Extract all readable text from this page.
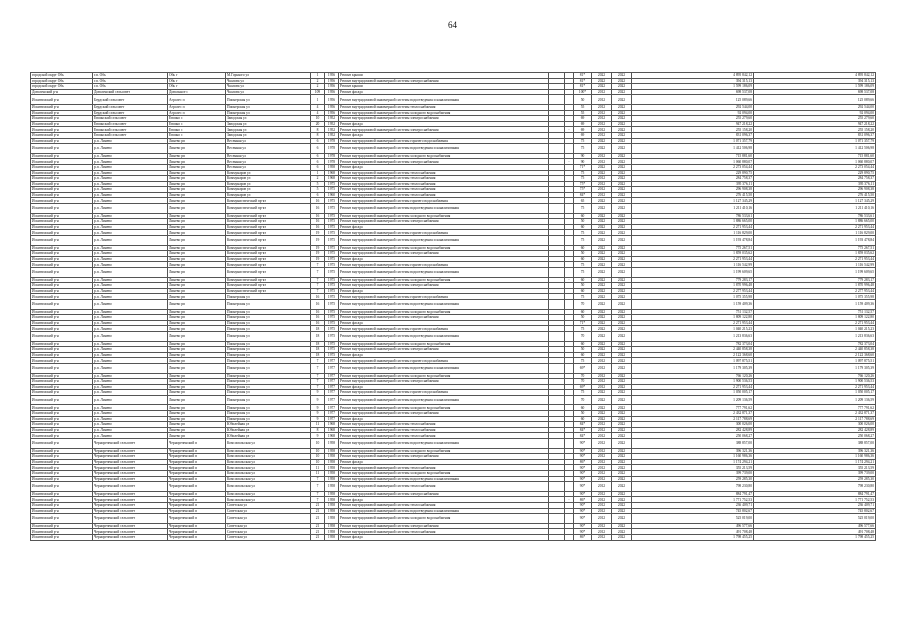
64
городской округ Обь	г.п. Обь	Обь г	М.Горького ул	1	1956	Ремонт крыши			81*	2022	2022	4 895 842,12	4 895 842,12
городской округ Обь	г.п. Обь	Обь г	Чкалова ул	2	1956	Ремонт внутридомовой инженерной системы электроснабжения			81*	2022	2022	394 315,13	394 315,13
городской округ Обь	г.п. Обь	Обь г	Чкалова ул	2	1956	Ремонт крыши			81*	2022	2022	1 599 186,09	1 599 186,09
Доволенский р-н	Доволенский сельсовет	Довольное с	Чкалова ул	109	1956	Ремонт фасада			100*	2012	2022	698 537,08	698 537,08
Искитимский р-н	Бердский сельсовет	Агролес п	Пионерская ул	1	1956	Ремонт внутридомовой инженерной системы водоотведения и канализования			50	2012	2022	125 089,66	125 089,66
Искитимский р-н	Бердский сельсовет	Агролес п	Пионерская ул	4	1956	Ремонт внутридомовой инженерной системы теплоснабжения			55	2012	2022	292 544,00	292 544,00
Искитимский р-н	Бердский сельсовет	Агролес п	Пионерская ул	4	1956	Ремонт внутридомовой инженерной системы холодного водоснабжения			55	2012	2022	92 094,00	92 094,00
Искитимский р-н	Евсинский сельсовет	Евсино с	Заводская ул	10	1952	Ремонт внутридомовой инженерной системы электроснабжения			69	2012	2022	255 279,60	255 279,60
Искитимский р-н	Евсинский сельсовет	Евсино с	Заводская ул	20	1952	Ремонт фасада			69	2012	2022	947 218,22	947 218,22
Искитимский р-н	Евсинский сельсовет	Евсино с	Заводская ул	8	1952	Ремонт внутридомовой инженерной системы электроснабжения		-	69	2012	2022	255 158,20	255 158,20
Искитимский р-н	Евсинский сельсовет	Евсино с	Заводская ул	8	1952	Ремонт фасада			69	2012	2022	831 096,37	831 096,37
Искитимский р-н	р.п. Линево	Линево рп	Весенняя ул	6	1978	Ремонт внутридомовой инженерной системы горячего водоснабжения			75	2022	2022	1 071 357,79	1 071 357,79
Искитимский р-н	р.п. Линево	Линево рп	Весенняя ул	6	1978	Ремонт внутридомовой инженерной системы водоотведения и канализования			75	2022	2022	1 412 506,98	1 412 506,98
Искитимский р-н	р.п. Линево	Линево рп	Весенняя ул	6	1978	Ремонт внутридомовой инженерной системы холодного водоснабжения			90	2012	2022	715 881,60	715 881,60
Искитимский р-н	р.п. Линево	Линево рп	Весенняя ул	6	1978	Ремонт внутридомовой инженерной системы электроснабжения		-	90	2012	2022	1 060 880,07	1 060 880,07
Искитимский р-н	р.п. Линево	Линево рп	Весенняя ул	6	1958	Ремонт фасада			71*	2022	2022	2 273 054,44	2 273 054,44
Искитимский р-н	р.п. Линево	Линево рп	Коммунаров ул	1	1968	Ремонт внутридомовой инженерной системы теплоснабжения			75	2022	2022	229 890,75	229 890,75
Искитимский р-н	р.п. Линево	Линево рп	Коммунаров ул	2	1968	Ремонт внутридомовой инженерной системы теплоснабжения			75	2012	2022	284 758,37	284 758,37
Искитимский р-н	р.п. Линево	Линево рп	Коммунаров ул	5	1975	Ремонт внутридомовой инженерной системы теплоснабжения			75*	2012	2022	395 376,11	395 376,11
Искитимский р-н	р.п. Линево	Линево рп	Коммунаров ул	5	1975	Ремонт внутридомовой инженерной системы теплоснабжения			75*	2012	2022	296 908,38	296 908,38
Искитимский р-н	р.п. Линево	Линево рп	Коммунаров ул	6	1960	Ремонт внутридомовой инженерной системы теплоснабжения			84*	2012	2022	276 415,50	276 415,50
Искитимский р-н	р.п. Линево	Линево рп	Коммунистический пр-кт	16	1975	Ремонт внутридомовой инженерной системы горячего водоснабжения			65	2022	2022	1 127 345,29	1 127 345,29
Искитимский р-н	р.п. Линево	Линево рп	Коммунистический пр-кт	16	1975	Ремонт внутридомовой инженерной системы водоотведения и канализования			75	2022	2022	1 211 410,16	1 211 410,16
Искитимский р-н	р.п. Линево	Линево рп	Коммунистический пр-кт	16	1975	Ремонт внутридомовой инженерной системы холодного водоснабжения			60	2022	2022	786 533,61	786 533,61
Искитимский р-н	р.п. Линево	Линево рп	Коммунистический пр-кт	16	1975	Ремонт внутридомовой инженерной системы электроснабжения			50	2022	2022	1 886 665,00	1 886 665,00
Искитимский р-н	р.п. Линево	Линево рп	Коммунистический пр-кт	16	1975	Ремонт фасада			60	2022	2022	2 271 953,44	2 271 953,44
Искитимский р-н	р.п. Линево	Линево рп	Коммунистический пр-кт	19	1975	Ремонт внутридомовой инженерной системы горячего водоснабжения			75	2022	2022	1 116 829,00	1 116 829,00
Искитимский р-н	р.п. Линево	Линево рп	Коммунистический пр-кт	19	1975	Ремонт внутридомовой инженерной системы водоотведения и канализования			75	2022	2022	1 193 478,84	1 193 478,84
Искитимский р-н	р.п. Линево	Линево рп	Коммунистический пр-кт	19	1975	Ремонт внутридомовой инженерной системы холодного водоснабжения			60	2022	2022	775 267,51	775 267,51
Искитимский р-н	р.п. Линево	Линево рп	Коммунистический пр-кт	19	1975	Ремонт внутридомовой инженерной системы электроснабжения			50	2022	2022	1 859 035,62	1 859 035,62
Искитимский р-н	р.п. Линево	Линево рп	Коммунистический пр-кт	19	1975	Ремонт фасада			60	2022	2022	2 271 953,44	2 271 953,44
Искитимский р-н	р.п. Линево	Линево рп	Коммунистический пр-кт	7	1975	Ремонт внутридомовой инженерной системы горячего водоснабжения			75	2022	2022	1 116 542,99	1 116 542,99
Искитимский р-н	р.п. Линево	Линево рп	Коммунистический пр-кт	7	1975	Ремонт внутридомовой инженерной системы водоотведения и канализования			75	2022	2022	1 199 609,65	1 199 609,65
Искитимский р-н	р.п. Линево	Линево рп	Коммунистический пр-кт	7	1975	Ремонт внутридомовой инженерной системы холодного водоснабжения		-	60	2022	2022	779 283,17	779 283,17
Искитимский р-н	р.п. Линево	Линево рп	Коммунистический пр-кт	7	1975	Ремонт внутридомовой инженерной системы электроснабжения			50	2022	2022	1 870 996,48	1 870 996,48
Искитимский р-н	р.п. Линево	Линево рп	Коммунистический пр-кт	7	1975	Ремонт фасада			60	2022	2022	2 277 953,44	2 277 953,44
Искитимский р-н	р.п. Линево	Линево рп	Пионерская ул	16	1975	Ремонт внутридомовой инженерной системы горячего водоснабжения			75	2022	2022	1 075 355,98	1 075 355,98
Искитимский р-н	р.п. Линево	Линево рп	Пионерская ул	16	1975	Ремонт внутридомовой инженерной системы водоотведения и канализования			70	2022	2022	1 159 409,36	1 159 409,36
Искитимский р-н	р.п. Линево	Линево рп	Пионерская ул	16	1975	Ремонт внутридомовой инженерной системы холодного водоснабжения			60	2022	2022	751 132,57	751 132,57
Искитимский р-н	р.п. Линево	Линево рп	Пионерская ул	16	1975	Ремонт внутридомовой инженерной системы электроснабжения			50	2022	2022	1 809 122,80	1 809 122,80
Искитимский р-н	р.п. Линево	Линево рп	Пионерская ул	16	1975	Ремонт фасада			71*	2022	2022	2 271 953,44	2 271 953,44
Искитимский р-н	р.п. Линево	Линево рп	Пионерская ул	18	1975	Ремонт внутридомовой инженерной системы горячего водоснабжения			75	2022	2022	1 040 215,23	1 040 215,23
Искитимский р-н	р.п. Линево	Линево рп	Пионерская ул	18	1975	Ремонт внутридомовой инженерной системы водоотведения и канализования			70	2022	2022	1 213 836,63	1 213 836,63
Искитимский р-н	р.п. Линево	Линево рп	Пионерская ул	18	1975	Ремонт внутридомовой инженерной системы холодного водоснабжения			60	2022	2022	782 373,04	782 373,04
Искитимский р-н	р.п. Линево	Линево рп	Пионерская ул	18	1975	Ремонт внутридомовой инженерной системы электроснабжения			50	2022	2022	2 440 858,38	2 440 858,38
Искитимский р-н	р.п. Линево	Линево рп	Пионерская ул	18	1975	Ремонт фасада			60	2022	2022	2 122 368,60	2 122 368,60
Искитимский р-н	р.п. Линево	Линево рп	Пионерская ул	7	1977	Ремонт внутридомовой инженерной системы горячего водоснабжения			75	2012	2022	1 097 875,51	1 097 875,51
Искитимский р-н	р.п. Линево	Линево рп	Пионерская ул	7	1977	Ремонт внутридомовой инженерной системы водоотведения и канализования			69*	2012	2022	1 179 305,39	1 179 305,39
Искитимский р-н	р.п. Линево	Линево рп	Пионерская ул	7	1977	Ремонт внутридомовой инженерной системы холодного водоснабжения			70	2012	2022	766 120,26	766 120,26
Искитимский р-н	р.п. Линево	Линево рп	Пионерская ул	7	1977	Ремонт внутридомовой инженерной системы электроснабжения			70	2012	2022	1 900 536,53	1 900 536,53
Искитимский р-н	р.п. Линево	Линево рп	Пионерская ул	7	1977	Ремонт фасада			69*	2012	2022	2 271 953,44	2 271 953,44
Искитимский р-н	р.п. Линево	Линево рп	Пионерская ул	9	1977	Ремонт внутридомовой инженерной системы горячего водоснабжения			75	2022	2022	1 050 005,17	1 050 005,17
Искитимский р-н	р.п. Линево	Линево рп	Пионерская ул	9	1977	Ремонт внутридомовой инженерной системы водоотведения и канализования			70	2022	2022	1 209 136,59	1 209 136,59
Искитимский р-н	р.п. Линево	Линево рп	Пионерская ул	9	1977	Ремонт внутридомовой инженерной системы холодного водоснабжения			60	2022	2022	777 791,62	777 791,62
Искитимский р-н	р.п. Линево	Линево рп	Пионерская ул	9	1977	Ремонт внутридомовой инженерной системы электроснабжения			50	2022	2022	2 432 871,37	2 432 871,37
Искитимский р-н	р.п. Линево	Линево рп	Пионерская ул	9	1977	Ремонт фасада			60	2022	2022	2 117 788,69	2 117 788,69
Искитимский р-н	р.п. Линево	Линево рп	Юбилейная ул	11	1968	Ремонт внутридомовой инженерной системы теплоснабжения			84*	2012	2022	300 026,00	300 026,00
Искитимский р-н	р.п. Линево	Линево рп	Юбилейная ул	8	1968	Ремонт внутридомовой инженерной системы теплоснабжения			84*	2012	2022	282 428,89	282 428,89
Искитимский р-н	р.п. Линево	Линево рп	Юбилейная ул	9	1968	Ремонт внутридомовой инженерной системы теплоснабжения			84*	2012	2022	250 068,27	250 068,27
Искитимский р-н	Чернореченский сельсовет	Чернореченский п	Комсомольская ул	10	1958	Ремонт внутридомовой инженерной системы водоотведения и канализования			90*	2012	2022	388 857,00	388 857,00
Искитимский р-н	Чернореченский сельсовет	Чернореченский п	Комсомольская ул	10	1958	Ремонт внутридомовой инженерной системы холодного водоснабжения			90*	2012	2022	396 321,36	396 321,36
Искитимский р-н	Чернореченский сельсовет	Чернореченский п	Комсомольская ул	10	1958	Ремонт внутридомовой инженерной системы электроснабжения			90*	2012	2022	1 160 986,36	1 160 986,36
Искитимский р-н	Чернореченский сельсовет	Чернореченский п	Комсомольская ул	10	1958	Ремонт фасада			86*	2012	2022	1 174 294,21	1 174 294,21
Искитимский р-н	Чернореченский сельсовет	Чернореченский п	Комсомольская ул	11	1958	Ремонт внутридомовой инженерной системы теплоснабжения			90*	2012	2022	355 213,59	355 213,59
Искитимский р-н	Чернореченский сельсовет	Чернореченский п	Комсомольская ул	11	1958	Ремонт внутридомовой инженерной системы холодного водоснабжения			90*	2012	2022	399 739,00	399 739,00
Искитимский р-н	Чернореченский сельсовет	Чернореченский п	Комсомольская ул	7	1958	Ремонт внутридомовой инженерной системы водоотведения и канализования			90*	2012	2022	259 285,30	259 285,30
Искитимский р-н	Чернореченский сельсовет	Чернореченский п	Комсомольская ул	7	1958	Ремонт внутридомовой инженерной системы теплоснабжения			90*	2012	2022	798 230,80	798 230,80
Искитимский р-н	Чернореченский сельсовет	Чернореченский п	Комсомольская ул	7	1958	Ремонт внутридомовой инженерной системы электроснабжения			90*	2012	2022	884 791,47	884 791,47
Искитимский р-н	Чернореченский сельсовет	Чернореченский п	Комсомольская ул	7	1958	Ремонт фасада		-	86*	2012	2022	1 771 752,53	1 771 752,53
Искитимский р-н	Чернореченский сельсовет	Чернореченский п	Советская ул	21	1958	Ремонт внутридомовой инженерной системы теплоснабжения			90*	2012	2022	236 409,71	236 409,71
Искитимский р-н	Чернореченский сельсовет	Чернореченский п	Советская ул	21	1958	Ремонт внутридомовой инженерной системы водоотведения и канализования			90*	2012	2022	745 802,67	745 802,67
Искитимский р-н	Чернореченский сельсовет	Чернореченский п	Советская ул	21	1958	Ремонт внутридомовой инженерной системы холодного водоснабжения			90*	2012	2022	525 019,00	525 019,00
Искитимский р-н	Чернореченский сельсовет	Чернореченский п	Советская ул	21	1958	Ремонт внутридомовой инженерной системы электроснабжения			90*	2012	2022	496 577,66	496 577,66
Искитимский р-н	Чернореченский сельсовет	Чернореченский п	Советская ул	21	1958	Ремонт внутридомовой инженерной системы теплоснабжения			90*	2012	2022	491 708,48	491 708,48
Искитимский р-н	Чернореченский сельсовет	Чернореченский п	Советская ул	21	1958	Ремонт фасада			86*	2012	2022	1 798 455,25	1 798 455,25
